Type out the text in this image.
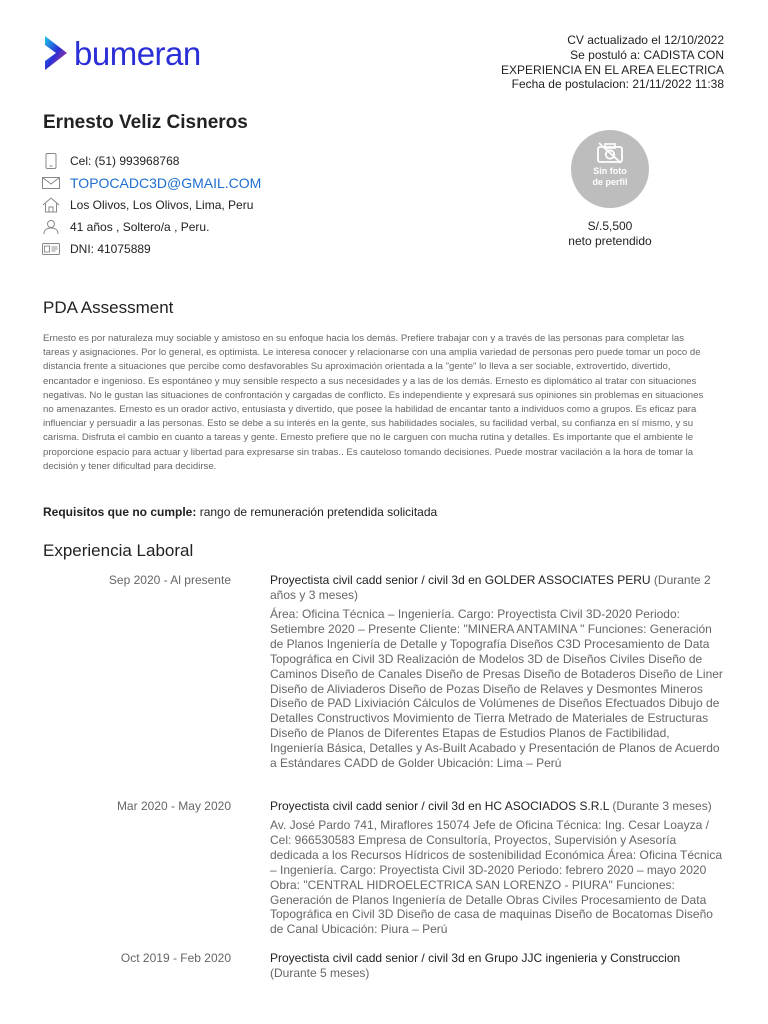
bumeran	CV actualizado el 12/10/2022
Se postuló a: CADISTA CON
EXPERIENCIA EN EL AREA ELECTRICA
Fecha de postulacion: 21/11/2022 11:38
Ernesto Veliz Cisneros
Cel: (51) 993968768
TOPOCADC3D@GMAIL.COM
Los Olivos, Los Olivos, Lima, Peru
41 años , Soltero/a , Peru.
DNI: 41075889
Sin foto
de perfil
S/.5,500
neto pretendido
PDA Assessment
Ernesto es por naturaleza muy sociable y amistoso en su enfoque hacia los demás. Prefiere trabajar con y a través de las personas para completar las tareas y asignaciones. Por lo general, es optimista. Le interesa conocer y relacionarse con una amplia variedad de personas pero puede tomar un poco de distancia frente a situaciones que percibe como desfavorables Su aproximación orientada a la "gente" lo lleva a ser sociable, extrovertido, divertido, encantador e ingenioso. Es espontáneo y muy sensible respecto a sus necesidades y a las de los demás. Ernesto es diplomático al tratar con situaciones negativas. No le gustan las situaciones de confrontación y cargadas de conflicto. Es independiente y expresará sus opiniones sin problemas en situaciones no amenazantes. Ernesto es un orador activo, entusiasta y divertido, que posee la habilidad de encantar tanto a individuos como a grupos. Es eficaz para influenciar y persuadir a las personas. Esto se debe a su interés en la gente, sus habilidades sociales, su facilidad verbal, su confianza en sí mismo, y su carisma. Disfruta el cambio en cuanto a tareas y gente. Ernesto prefiere que no le carguen con mucha rutina y detalles. Es importante que el ambiente le proporcione espacio para actuar y libertad para expresarse sin trabas.. Es cauteloso tomando decisiones. Puede mostrar vacilación a la hora de tomar la decisión y tener dificultad para decidirse.
Requisitos que no cumple: rango de remuneración pretendida solicitada
Experiencia Laboral
Sep 2020 - Al presente	Proyectista civil cadd senior / civil 3d en GOLDER ASSOCIATES PERU (Durante 2 años y 3 meses)
Área: Oficina Técnica – Ingeniería. Cargo: Proyectista Civil 3D-2020 Periodo: Setiembre 2020 – Presente Cliente: "MINERA ANTAMINA " Funciones: Generación de Planos Ingeniería de Detalle y Topografía Diseños C3D Procesamiento de Data Topográfica en Civil 3D Realización de Modelos 3D de Diseños Civiles Diseño de Caminos Diseño de Canales Diseño de Presas Diseño de Botaderos Diseño de Liner Diseño de Aliviaderos Diseño de Pozas Diseño de Relaves y Desmontes Mineros Diseño de PAD Lixiviación Cálculos de Volúmenes de Diseños Efectuados Dibujo de Detalles Constructivos Movimiento de Tierra Metrado de Materiales de Estructuras Diseño de Planos de Diferentes Etapas de Estudios Planos de Factibilidad, Ingeniería Básica, Detalles y As-Built Acabado y Presentación de Planos de Acuerdo a Estándares CADD de Golder Ubicación: Lima – Perú
Mar 2020 - May 2020	Proyectista civil cadd senior / civil 3d en HC ASOCIADOS S.R.L (Durante 3 meses)
Av. José Pardo 741, Miraflores 15074 Jefe de Oficina Técnica: Ing. Cesar Loayza / Cel: 966530583 Empresa de Consultoría, Proyectos, Supervisión y Asesoría dedicada a los Recursos Hídricos de sostenibilidad Económica Área: Oficina Técnica – Ingeniería. Cargo: Proyectista Civil 3D-2020 Periodo: febrero 2020 – mayo 2020 Obra: "CENTRAL HIDROELECTRICA SAN LORENZO - PIURA" Funciones: Generación de Planos Ingeniería de Detalle Obras Civiles Procesamiento de Data Topográfica en Civil 3D Diseño de casa de maquinas Diseño de Bocatomas Diseño de Canal Ubicación: Piura – Perú
Oct 2019 - Feb 2020	Proyectista civil cadd senior / civil 3d en Grupo JJC ingenieria y Construccion (Durante 5 meses)
